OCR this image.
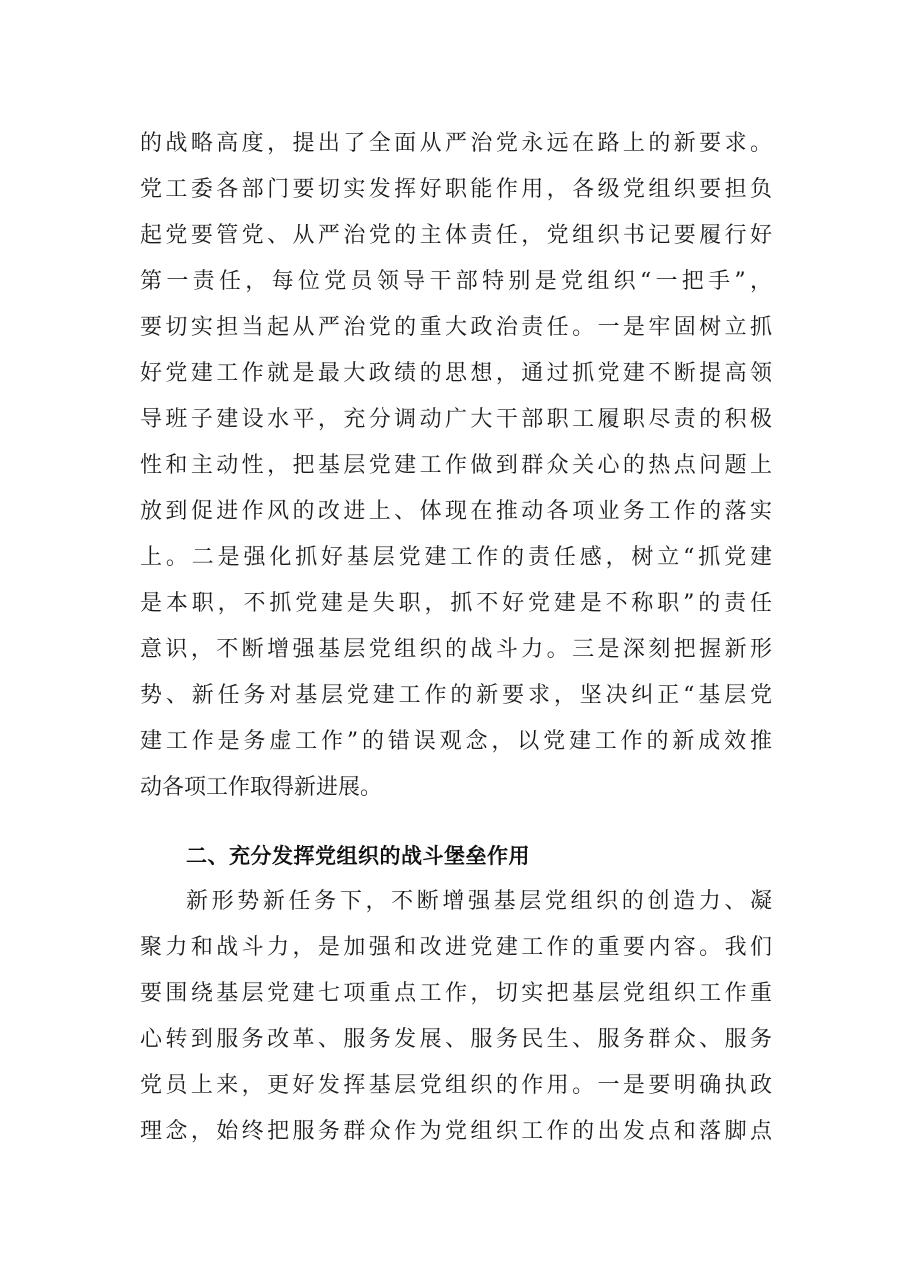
的战略高度，提出了全面从严治党永远在路上的新要求。
党工委各部门要切实发挥好职能作用，各级党组织要担负
起党要管党、从严治党的主体责任，党组织书记要履行好
第一责任，每位党员领导干部特别是党组织“一把手”，
要切实担当起从严治党的重大政治责任。一是牢固树立抓
好党建工作就是最大政绩的思想，通过抓党建不断提高领
导班子建设水平，充分调动广大干部职工履职尽责的积极
性和主动性，把基层党建工作做到群众关心的热点问题上
放到促进作风的改进上、体现在推动各项业务工作的落实
上。二是强化抓好基层党建工作的责任感，树立“抓党建
是本职，不抓党建是失职，抓不好党建是不称职”的责任
意识，不断增强基层党组织的战斗力。三是深刻把握新形
势、新任务对基层党建工作的新要求，坚决纠正“基层党
建工作是务虚工作”的错误观念，以党建工作的新成效推
动各项工作取得新进展。
二、充分发挥党组织的战斗堡垒作用
新形势新任务下，不断增强基层党组织的创造力、凝
聚力和战斗力，是加强和改进党建工作的重要内容。我们
要围绕基层党建七项重点工作，切实把基层党组织工作重
心转到服务改革、服务发展、服务民生、服务群众、服务
党员上来，更好发挥基层党组织的作用。一是要明确执政
理念，始终把服务群众作为党组织工作的出发点和落脚点
